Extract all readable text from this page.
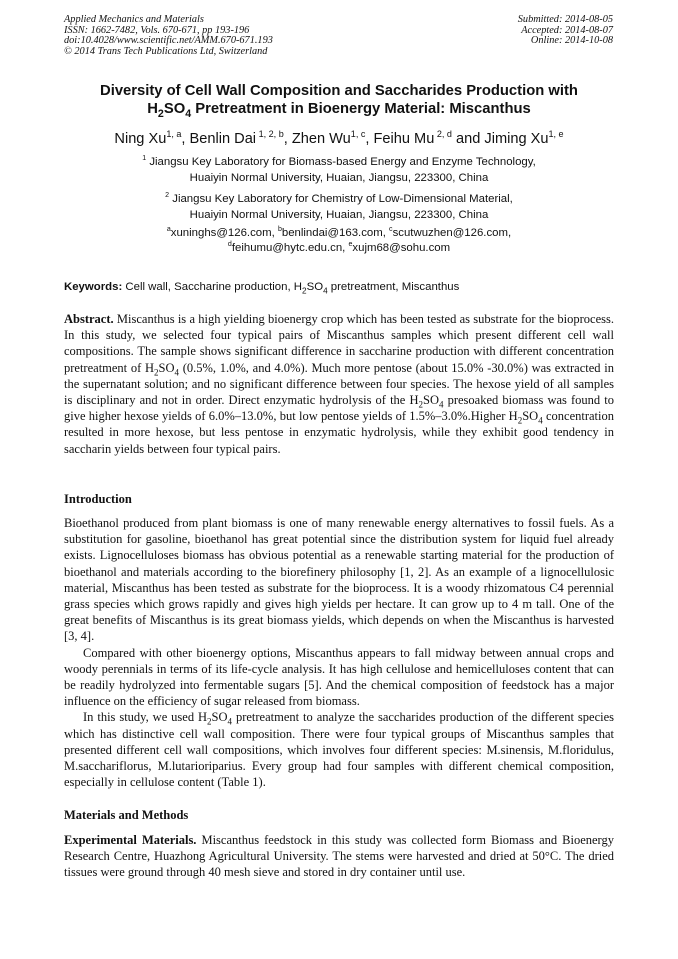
Applied Mechanics and Materials
ISSN: 1662-7482, Vols. 670-671, pp 193-196
doi:10.4028/www.scientific.net/AMM.670-671.193
© 2014 Trans Tech Publications Ltd, Switzerland
Submitted: 2014-08-05
Accepted: 2014-08-07
Online: 2014-10-08
Diversity of Cell Wall Composition and Saccharides Production with
$H_2SO_4$ Pretreatment in Bioenergy Material: Miscanthus
Ning Xu$^{1, a}$, Benlin Dai $^{1, 2, b}$, Zhen Wu$^{1, c}$, Feihu Mu $^{2, d}$ and Jiming Xu$^{1, e}$
$^1$ Jiangsu Key Laboratory for Biomass-based Energy and Enzyme Technology,
Huaiyin Normal University, Huaian, Jiangsu, 223300, China
$^2$ Jiangsu Key Laboratory for Chemistry of Low-Dimensional Material,
Huaiyin Normal University, Huaian, Jiangsu, 223300, China
$^a$xuninghs@126.com, $^b$benlindai@163.com, $^c$scutwuzhen@126.com,
$^d$feihumu@hytc.edu.cn, $^e$xujm68@sohu.com
Keywords: Cell wall, Saccharine production, $H_2SO_4$ pretreatment, Miscanthus
Abstract. Miscanthus is a high yielding bioenergy crop which has been tested as substrate for the bioprocess. In this study, we selected four typical pairs of Miscanthus samples which present different cell wall compositions. The sample shows significant difference in saccharine production with different concentration pretreatment of $H_2SO_4$ (0.5%, 1.0%, and 4.0%). Much more pentose (about 15.0% -30.0%) was extracted in the supernatant solution; and no significant difference between four species. The hexose yield of all samples is disciplinary and not in order. Direct enzymatic hydrolysis of the $H_2SO_4$ presoaked biomass was found to give higher hexose yields of 6.0%–13.0%, but low pentose yields of 1.5%–3.0%.Higher $H_2SO_4$ concentration resulted in more hexose, but less pentose in enzymatic hydrolysis, while they exhibit good tendency in saccharin yields between four typical pairs.
Introduction

Bioethanol produced from plant biomass is one of many renewable energy alternatives to fossil fuels. As a substitution for gasoline, bioethanol has great potential since the distribution system for liquid fuel already exists. Lignocelluloses biomass has obvious potential as a renewable starting material for the production of bioethanol and materials according to the biorefinery philosophy [1, 2]. As an example of a lignocellulosic material, Miscanthus has been tested as substrate for the bioprocess. It is a woody rhizomatous C4 perennial grass species which grows rapidly and gives high yields per hectare. It can grow up to 4 m tall. One of the great benefits of Miscanthus is its great biomass yields, which depends on when the Miscanthus is harvested [3, 4].

Compared with other bioenergy options, Miscanthus appears to fall midway between annual crops and woody perennials in terms of its life-cycle analysis. It has high cellulose and hemicelluloses content that can be readily hydrolyzed into fermentable sugars [5]. And the chemical composition of feedstock has a major influence on the efficiency of sugar released from biomass.

In this study, we used $H_2SO_4$ pretreatment to analyze the saccharides production of the different species which has distinctive cell wall composition. There were four typical groups of Miscanthus samples that presented different cell wall compositions, which involves four different species: M.sinensis, M.floridulus, M.sacchariflorus, M.lutarioriparius. Every group had four samples with different chemical composition, especially in cellulose content (Table 1).

Materials and Methods
Experimental Materials. Miscanthus feedstock in this study was collected form Biomass and Bioenergy Research Centre, Huazhong Agricultural University. The stems were harvested and dried at 50°C. The dried tissues were ground through 40 mesh sieve and stored in dry container until use.
